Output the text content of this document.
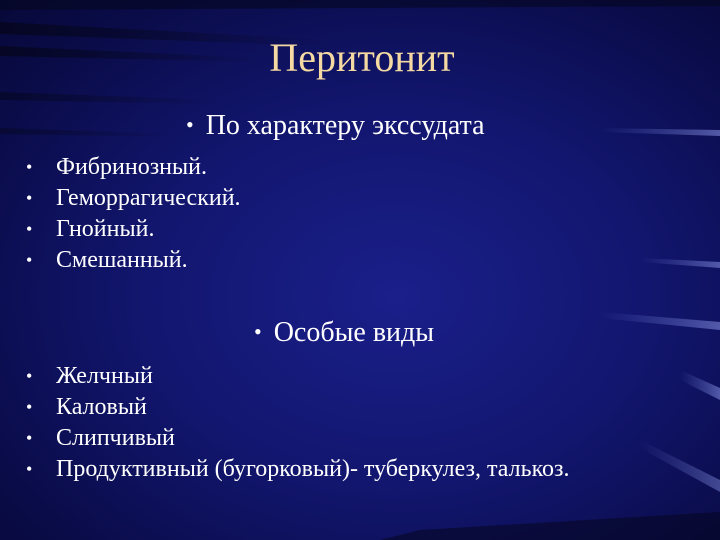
Перитонит
• По характеру экссудата
• Фибринозный.
• Геморрагический.
• Гнойный.
• Смешанный.
• Особые виды
• Желчный
• Каловый
• Слипчивый
• Продуктивный (бугорковый)- туберкулез, талькоз.
